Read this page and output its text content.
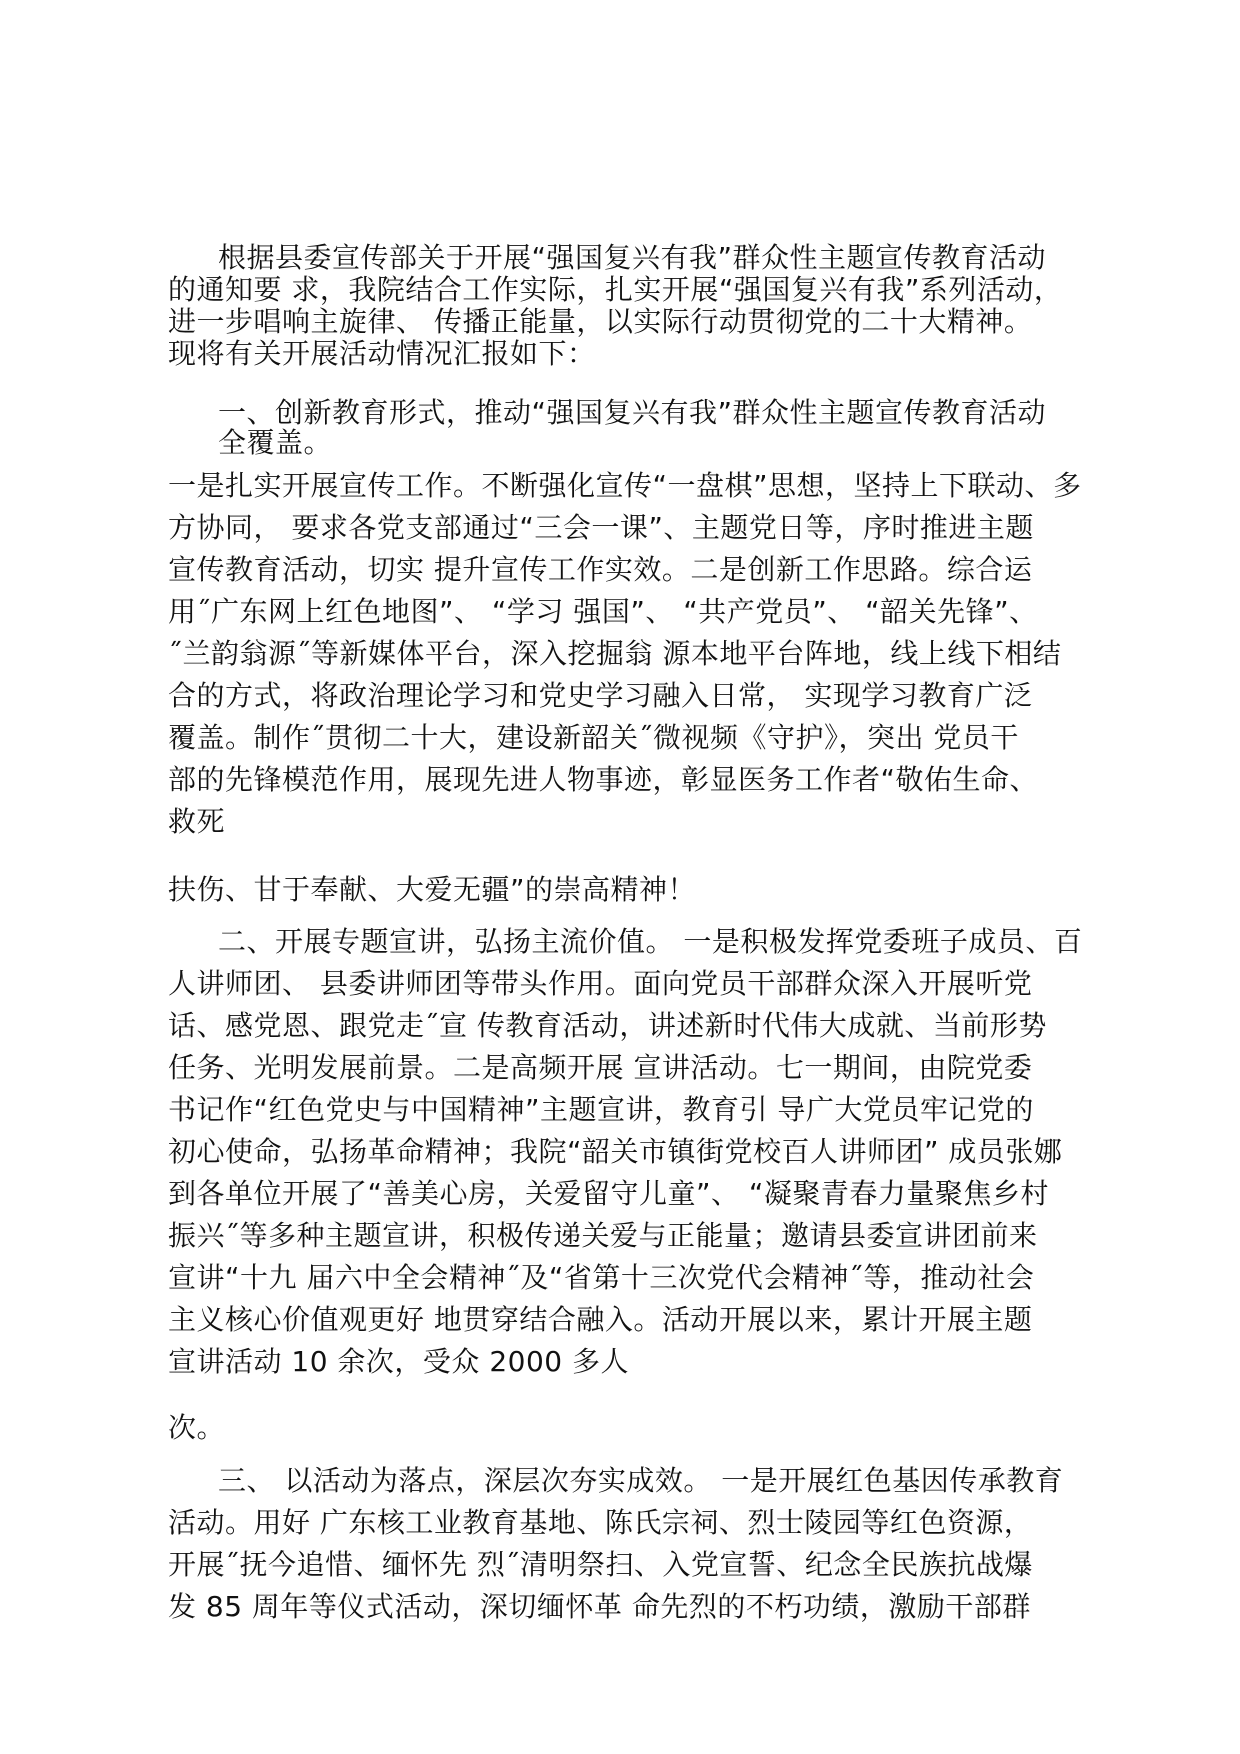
根据县委宣传部关于开展“强国复兴有我”群众性主题宣传教育活动

的通知要 求，我院结合工作实际，扎实开展“强国复兴有我”系列活动，

进一步唱响主旋律、 传播正能量，以实际行动贯彻党的二十大精神。

现将有关开展活动情况汇报如下：

一、创新教育形式，推动“强国复兴有我”群众性主题宣传教育活动

全覆盖。

一是扎实开展宣传工作。不断强化宣传“一盘棋”思想，坚持上下联动、多

方协同， 要求各党支部通过“三会一课”、主题党日等，序时推进主题

宣传教育活动，切实 提升宣传工作实效。二是创新工作思路。综合运

用˝广东网上红色地图”、 “学习 强国”、 “共产党员”、 “韶关先锋”、

˝兰韵翁源˝等新媒体平台，深入挖掘翁 源本地平台阵地，线上线下相结

合的方式，将政治理论学习和党史学习融入日常， 实现学习教育广泛

覆盖。制作˝贯彻二十大，建设新韶关˝微视频《守护》，突出 党员干

部的先锋模范作用，展现先进人物事迹，彰显医务工作者“敬佑生命、

救死

扶伤、甘于奉献、大爱无疆”的崇高精神！

二、开展专题宣讲，弘扬主流价值。 一是积极发挥党委班子成员、百

人讲师团、 县委讲师团等带头作用。面向党员干部群众深入开展听党

话、感党恩、跟党走˝宣 传教育活动，讲述新时代伟大成就、当前形势

任务、光明发展前景。二是高频开展 宣讲活动。七一期间，由院党委

书记作“红色党史与中国精神”主题宣讲，教育引 导广大党员牢记党的

初心使命，弘扬革命精神；我院“韶关市镇街党校百人讲师团” 成员张娜

到各单位开展了“善美心房，关爱留守儿童”、 “凝聚青春力量聚焦乡村

振兴˝等多种主题宣讲，积极传递关爱与正能量；邀请县委宣讲团前来

宣讲“十九 届六中全会精神˝及“省第十三次党代会精神˝等，推动社会

主义核心价值观更好 地贯穿结合融入。活动开展以来，累计开展主题

宣讲活动 10 余次，受众 2000 多人

次。

三、 以活动为落点，深层次夯实成效。 一是开展红色基因传承教育

活动。用好 广东核工业教育基地、陈氏宗祠、烈士陵园等红色资源，

开展˝抚今追惜、缅怀先 烈˝清明祭扫、入党宣誓、纪念全民族抗战爆

发 85 周年等仪式活动，深切缅怀革 命先烈的不朽功绩，激励干部群
